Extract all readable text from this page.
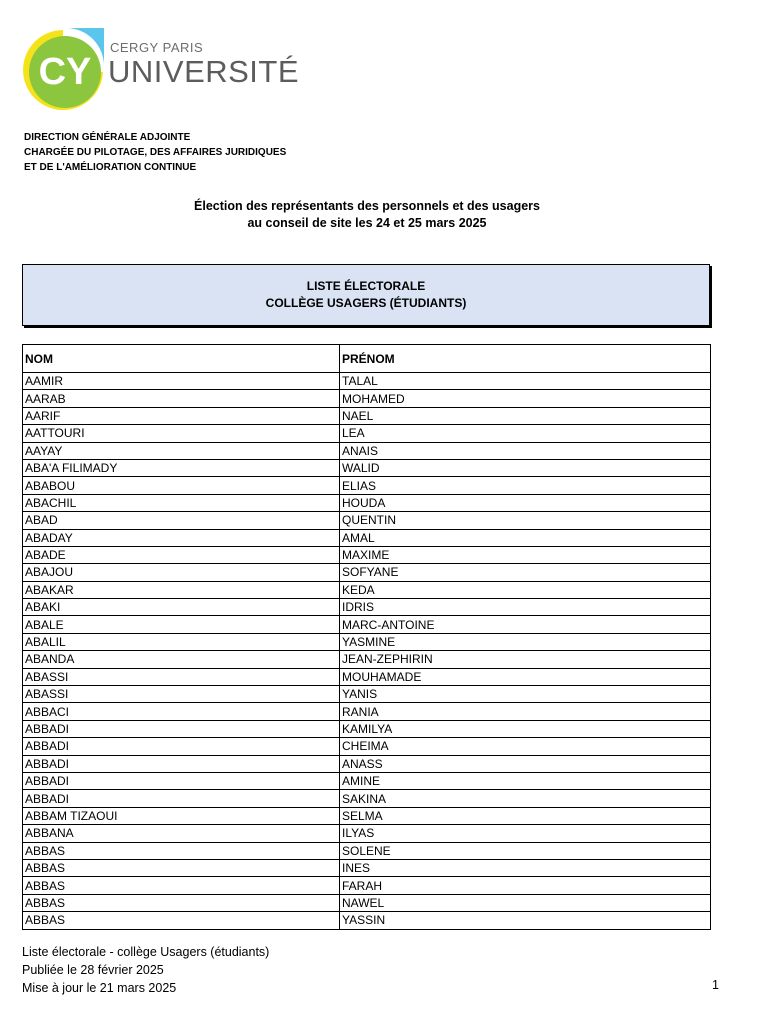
CY
CERGY PARIS
UNIVERSITÉ
DIRECTION GÉNÉRALE ADJOINTE
CHARGÉE DU PILOTAGE, DES AFFAIRES JURIDIQUES
ET DE L'AMÉLIORATION CONTINUE
Élection des représentants des personnels et des usagers
au conseil de site les 24 et 25 mars 2025
LISTE ÉLECTORALE
COLLÈGE USAGERS (ÉTUDIANTS)
NOM	PRÉNOM
AAMIR	TALAL
AARAB	MOHAMED
AARIF	NAEL
AATTOURI	LEA
AAYAY	ANAIS
ABA'A FILIMADY	WALID
ABABOU	ELIAS
ABACHIL	HOUDA
ABAD	QUENTIN
ABADAY	AMAL
ABADE	MAXIME
ABAJOU	SOFYANE
ABAKAR	KEDA
ABAKI	IDRIS
ABALE	MARC-ANTOINE
ABALIL	YASMINE
ABANDA	JEAN-ZEPHIRIN
ABASSI	MOUHAMADE
ABASSI	YANIS
ABBACI	RANIA
ABBADI	KAMILYA
ABBADI	CHEIMA
ABBADI	ANASS
ABBADI	AMINE
ABBADI	SAKINA
ABBAM TIZAOUI	SELMA
ABBANA	ILYAS
ABBAS	SOLENE
ABBAS	INES
ABBAS	FARAH
ABBAS	NAWEL
ABBAS	YASSIN
Liste électorale - collège Usagers (étudiants)
Publiée le 28 février 2025
Mise à jour le 21 mars 2025	1
